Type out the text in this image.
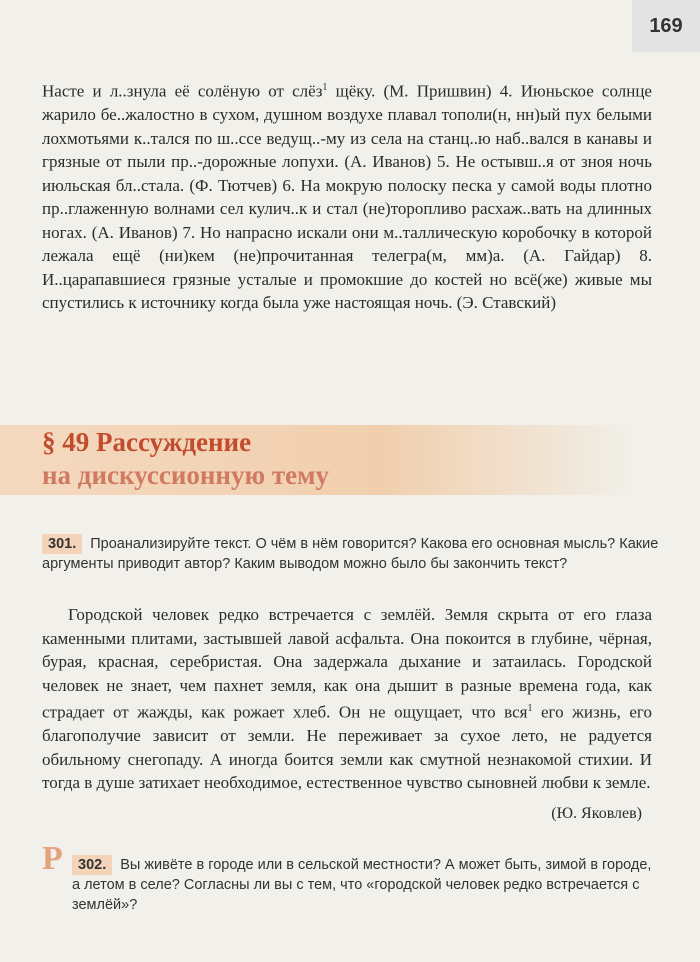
169
Насте и л..знула её солёную от слёз$^1$ щёку. (М. Пришвин) 4. Июньское солнце жарило бе..жалостно в сухом, душном воздухе плавал тополи(н, нн)ый пух белыми лохмотьями к..тался по ш..ссе ведущ..-му из села на станц..ю наб..вался в канавы и грязные от пыли пр..-дорожные лопухи. (А. Иванов) 5. Не остывш..я от зноя ночь июльская бл..стала. (Ф. Тютчев) 6. На мокрую полоску песка у самой воды плотно пр..глаженную волнами сел кулич..к и стал (не)торопливо расхаж..вать на длинных ногах. (А. Иванов) 7. Но напрасно искали они м..таллическую коробочку в которой лежала ещё (ни)кем (не)прочитанная телегра(м, мм)а. (А. Гайдар) 8. И..царапавшиеся грязные усталые и промокшие до костей но всё(же) живые мы спустились к источнику когда была уже настоящая ночь. (Э. Ставский)
§ 49 Рассуждение
на дискуссионную тему
301. Проанализируйте текст. О чём в нём говорится? Какова его основная мысль? Какие аргументы приводит автор? Каким выводом можно было бы закончить текст?

Городской человек редко встречается с землёй. Земля скрыта от его глаза каменными плитами, застывшей лавой асфальта. Она покоится в глубине, чёрная, бурая, красная, серебристая. Она задержала дыхание и затаилась. Городской человек не знает, чем пахнет земля, как она дышит в разные времена года, как страдает от жажды, как рожает хлеб. Он не ощущает, что вся$^1$ его жизнь, его благополучие зависит от земли. Не переживает за сухое лето, не радуется обильному снегопаду. А иногда боится земли как смутной незнакомой стихии. И тогда в душе затихает необходимое, естественное чувство сыновней любви к земле.

(Ю. Яковлев)
Р	302. Вы живёте в городе или в сельской местности? А может быть, зимой в городе, а летом в селе? Согласны ли вы с тем, что «городской человек редко встречается с землёй»?
